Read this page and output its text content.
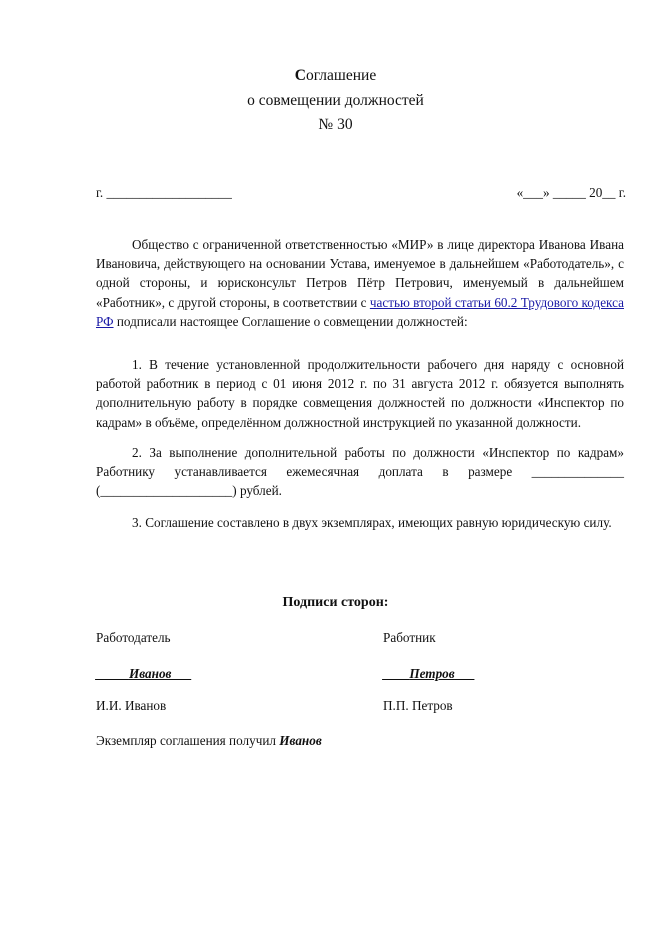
Соглашение
о совмещении должностей
№ 30
г. ___________________	«___» _____ 20__ г.
Общество с ограниченной ответственностью «МИР» в лице директора Иванова Ивана Ивановича, действующего на основании Устава, именуемое в дальнейшем «Работодатель», с одной стороны, и юрисконсульт Петров Пётр Петрович, именуемый в дальнейшем «Работник», с другой стороны, в соответствии с частью второй статьи 60.2 Трудового кодекса РФ подписали настоящее Соглашение о совмещении должностей:
1. В течение установленной продолжительности рабочего дня наряду с основной работой работник в период с 01 июня 2012 г. по 31 августа 2012 г. обязуется выполнять дополнительную работу в порядке совмещения должностей по должности «Инспектор по кадрам» в объёме, определённом должностной инструкцией по указанной должности.
2. За выполнение дополнительной работы по должности «Инспектор по кадрам» Работнику устанавливается ежемесячная доплата в размере ______________ (____________________) рублей.
3. Соглашение составлено в двух экземплярах, имеющих равную юридическую силу.
Подписи сторон:
Работодатель	Работник
_____Иванов___	____Петров___
И.И. Иванов	П.П. Петров
Экземпляр соглашения получил Иванов
